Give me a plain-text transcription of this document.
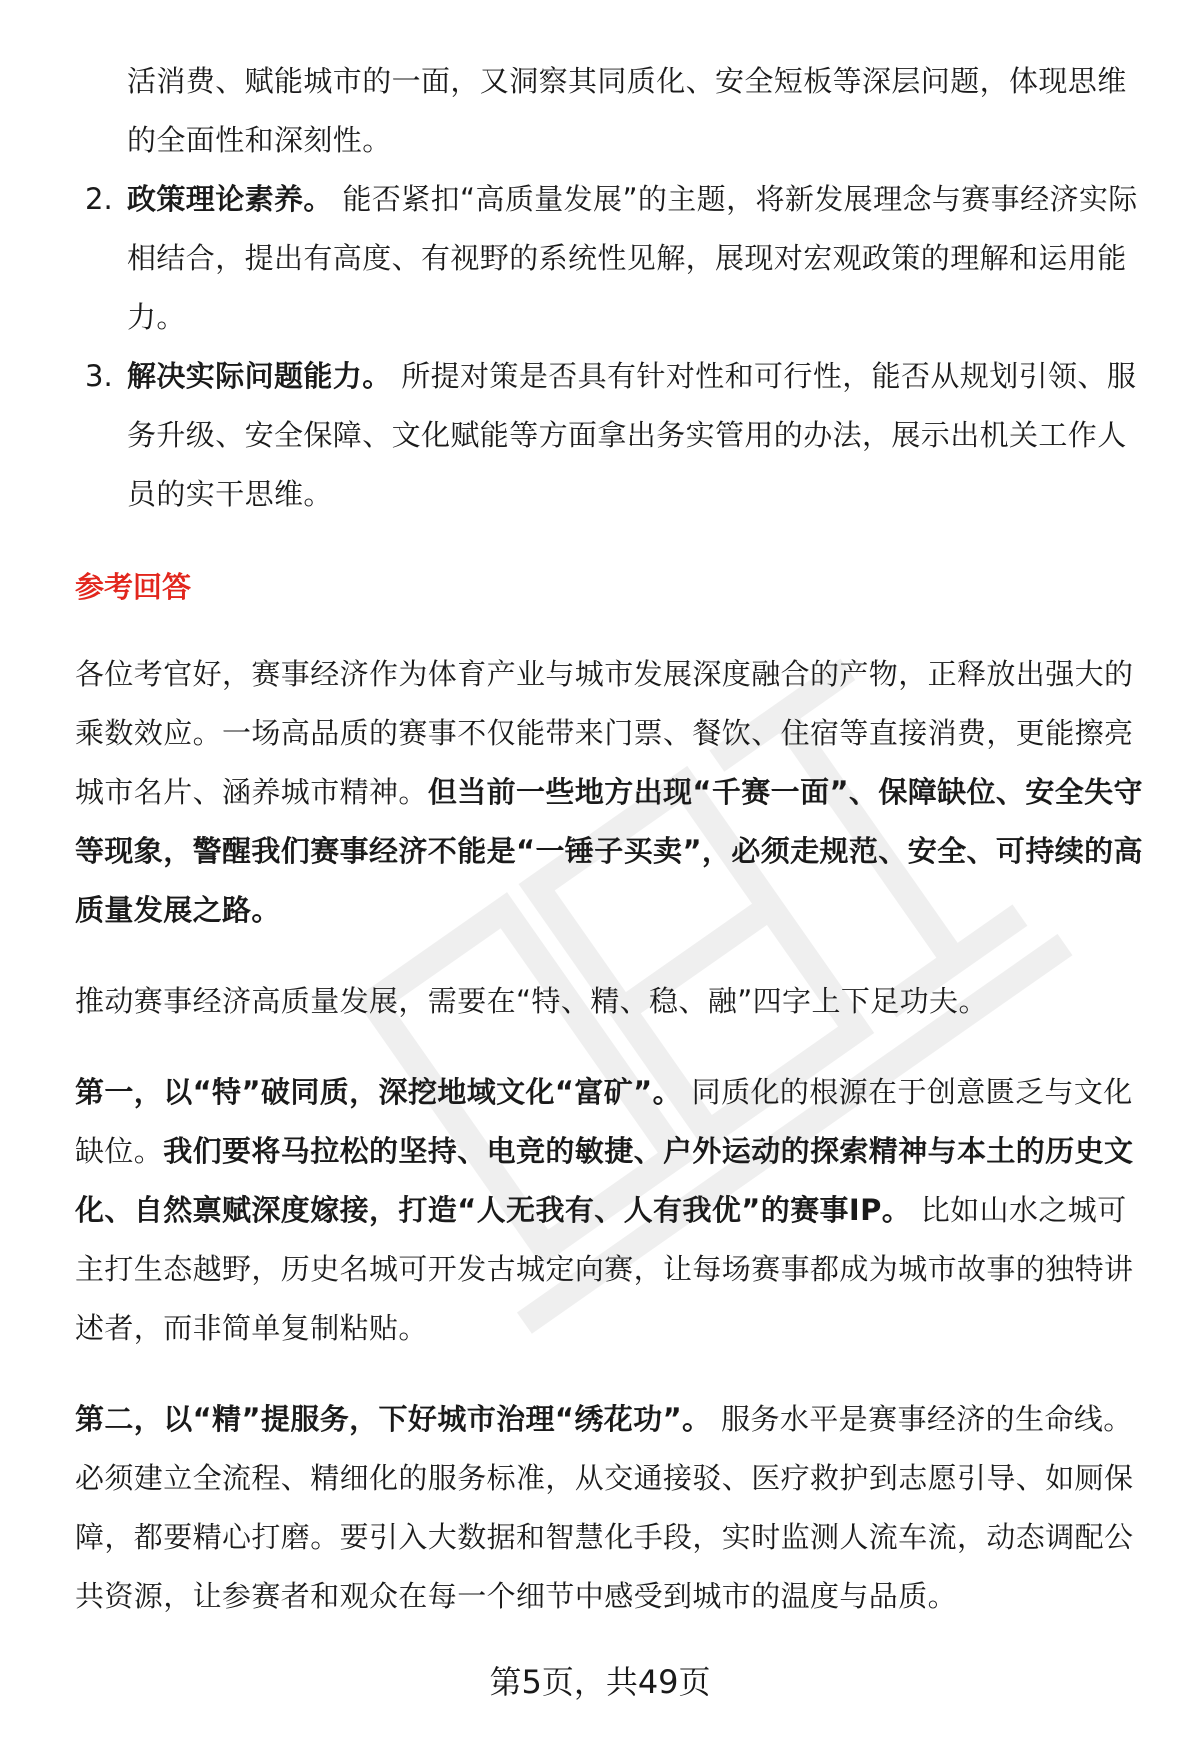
活消费、赋能城市的一面，又洞察其同质化、安全短板等深层问题，体现思维的全面性和深刻性。

2. 政策理论素养。 能否紧扣“高质量发展”的主题，将新发展理念与赛事经济实际相结合，提出有高度、有视野的系统性见解，展现对宏观政策的理解和运用能力。

3. 解决实际问题能力。 所提对策是否具有针对性和可行性，能否从规划引领、服务升级、安全保障、文化赋能等方面拿出务实管用的办法，展示出机关工作人员的实干思维。

参考回答

各位考官好，赛事经济作为体育产业与城市发展深度融合的产物，正释放出强大的乘数效应。一场高品质的赛事不仅能带来门票、餐饮、住宿等直接消费，更能擦亮城市名片、涵养城市精神。但当前一些地方出现“千赛一面”、保障缺位、安全失守等现象，警醒我们赛事经济不能是“一锤子买卖”，必须走规范、安全、可持续的高质量发展之路。

推动赛事经济高质量发展，需要在“特、精、稳、融”四字上下足功夫。

第一，以“特”破同质，深挖地域文化“富矿”。 同质化的根源在于创意匮乏与文化缺位。我们要将马拉松的坚持、电竞的敏捷、户外运动的探索精神与本土的历史文化、自然禀赋深度嫁接，打造“人无我有、人有我优”的赛事IP。 比如山水之城可主打生态越野，历史名城可开发古城定向赛，让每场赛事都成为城市故事的独特讲述者，而非简单复制粘贴。

第二，以“精”提服务，下好城市治理“绣花功”。 服务水平是赛事经济的生命线。必须建立全流程、精细化的服务标准，从交通接驳、医疗救护到志愿引导、如厕保障，都要精心打磨。要引入大数据和智慧化手段，实时监测人流车流，动态调配公共资源，让参赛者和观众在每一个细节中感受到城市的温度与品质。

第5页，共49页
